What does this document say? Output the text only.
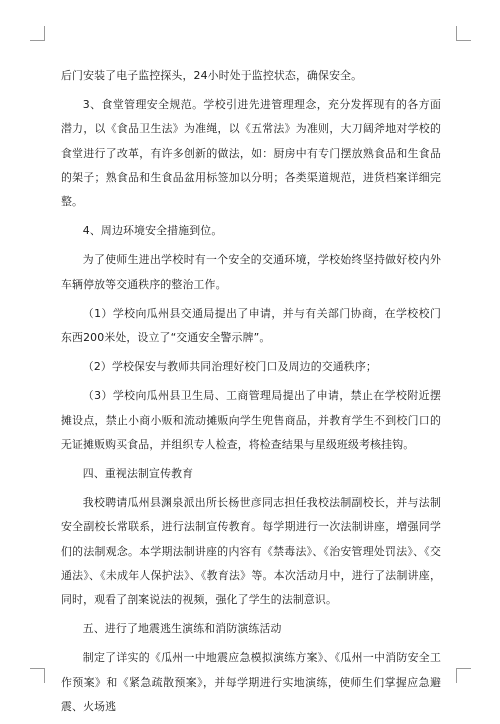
后门安装了电子监控探头，24小时处于监控状态，确保安全。

3、食堂管理安全规范。学校引进先进管理理念，充分发挥现有的各方面潜力，以《食品卫生法》为准绳，以《五常法》为准则，大刀阔斧地对学校的食堂进行了改革，有许多创新的做法，如：厨房中有专门摆放熟食品和生食品的架子；熟食品和生食品盆用标签加以分明；各类渠道规范，进货档案详细完整。

4、周边环境安全措施到位。

为了使师生进出学校时有一个安全的交通环境，学校始终坚持做好校内外车辆停放等交通秩序的整治工作。

（1）学校向瓜州县交通局提出了申请，并与有关部门协商，在学校校门东西200米处，设立了“交通安全警示牌”。

（2）学校保安与教师共同治理好校门口及周边的交通秩序；

（3）学校向瓜州县卫生局、工商管理局提出了申请，禁止在学校附近摆摊设点，禁止小商小贩和流动摊贩向学生兜售商品，并教育学生不到校门口的无证摊贩购买食品，并组织专人检查，将检查结果与星级班级考核挂钩。

四、重视法制宣传教育

我校聘请瓜州县渊泉派出所长杨世彦同志担任我校法制副校长，并与法制安全副校长常联系，进行法制宣传教育。每学期进行一次法制讲座，增强同学们的法制观念。本学期法制讲座的内容有《禁毒法》、《治安管理处罚法》、《交通法》、《未成年人保护法》、《教育法》等。本次活动月中，进行了法制讲座，同时，观看了剖案说法的视频，强化了学生的法制意识。

五、进行了地震逃生演练和消防演练活动

制定了详实的《瓜州一中地震应急模拟演练方案》、《瓜州一中消防安全工作预案》和《紧急疏散预案》，并每学期进行实地演练，使师生们掌握应急避震、火场逃
